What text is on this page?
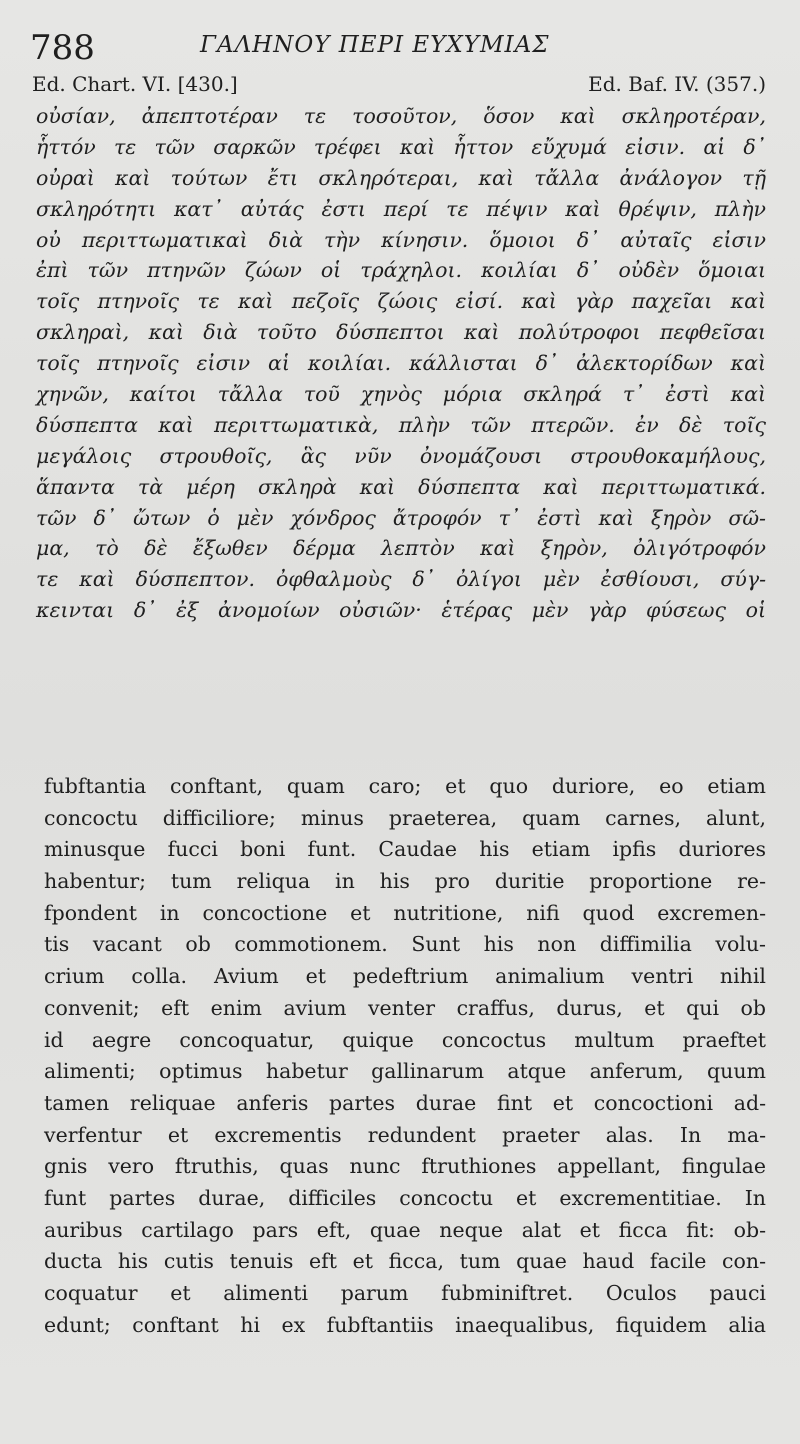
788	ΓΑΛΗΝΟΥ ΠΕΡΙ ΕΥΧΥΜΙΑΣ
Ed. Chart. VI. [430.]	Ed. Baf. IV. (357.)
οὐσίαν, ἀπεπτοτέραν τε τοσοῦτον, ὅσον καὶ σκληροτέραν,
ἧττόν τε τῶν σαρκῶν τρέφει καὶ ἧττον εὔχυμά εἰσιν. αἱ δ᾽
οὐραὶ καὶ τούτων ἔτι σκληρότεραι, καὶ τἄλλα ἀνάλογον τῇ
σκληρότητι κατ᾽ αὐτάς ἐστι περί τε πέψιν καὶ θρέψιν, πλὴν
οὐ περιττωματικαὶ διὰ τὴν κίνησιν. ὅμοιοι δ᾽ αὐταῖς εἰσιν
ἐπὶ τῶν πτηνῶν ζώων οἱ τράχηλοι. κοιλίαι δ᾽ οὐδὲν ὅμοιαι
τοῖς πτηνοῖς τε καὶ πεζοῖς ζώοις εἰσί. καὶ γὰρ παχεῖαι καὶ
σκληραὶ, καὶ διὰ τοῦτο δύσπεπτοι καὶ πολύτροφοι πεφθεῖσαι
τοῖς πτηνοῖς εἰσιν αἱ κοιλίαι. κάλλισται δ᾽ ἀλεκτορίδων καὶ
χηνῶν, καίτοι τἄλλα τοῦ χηνὸς μόρια σκληρά τ᾽ ἐστὶ καὶ
δύσπεπτα καὶ περιττωματικὰ, πλὴν τῶν πτερῶν. ἐν δὲ τοῖς
μεγάλοις στρουθοῖς, ἃς νῦν ὀνομάζουσι στρουθοκαμήλους,
ἅπαντα τὰ μέρη σκληρὰ καὶ δύσπεπτα καὶ περιττωματικά.
τῶν δ᾽ ὤτων ὁ μὲν χόνδρος ἄτροφόν τ᾽ ἐστὶ καὶ ξηρὸν σῶ-
μα, τὸ δὲ ἔξωθεν δέρμα λεπτὸν καὶ ξηρὸν, ὀλιγότροφόν
τε καὶ δύσπεπτον. ὀφθαλμοὺς δ᾽ ὀλίγοι μὲν ἐσθίουσι, σύγ-
κεινται δ᾽ ἐξ ἀνομοίων οὐσιῶν· ἑτέρας μὲν γὰρ φύσεως οἱ
fubftantia conftant, quam caro; et quo duriore, eo etiam
concoctu difficiliore; minus praeterea, quam carnes, alunt,
minusque fucci boni funt. Caudae his etiam ipfis duriores
habentur; tum reliqua in his pro duritie proportione re-
fpondent in concoctione et nutritione, nifi quod excremen-
tis vacant ob commotionem. Sunt his non diffimilia volu-
crium colla. Avium et pedeftrium animalium ventri nihil
convenit; eft enim avium venter craffus, durus, et qui ob
id aegre concoquatur, quique concoctus multum praeftet
alimenti; optimus habetur gallinarum atque anferum, quum
tamen reliquae anferis partes durae fint et concoctioni ad-
verfentur et excrementis redundent praeter alas. In ma-
gnis vero ftruthis, quas nunc ftruthiones appellant, fingulae
funt partes durae, difficiles concoctu et excrementitiae. In
auribus cartilago pars eft, quae neque alat et ficca fit: ob-
ducta his cutis tenuis eft et ficca, tum quae haud facile con-
coquatur et alimenti parum fubminiftret. Oculos pauci
edunt; conftant hi ex fubftantiis inaequalibus, fiquidem alia
